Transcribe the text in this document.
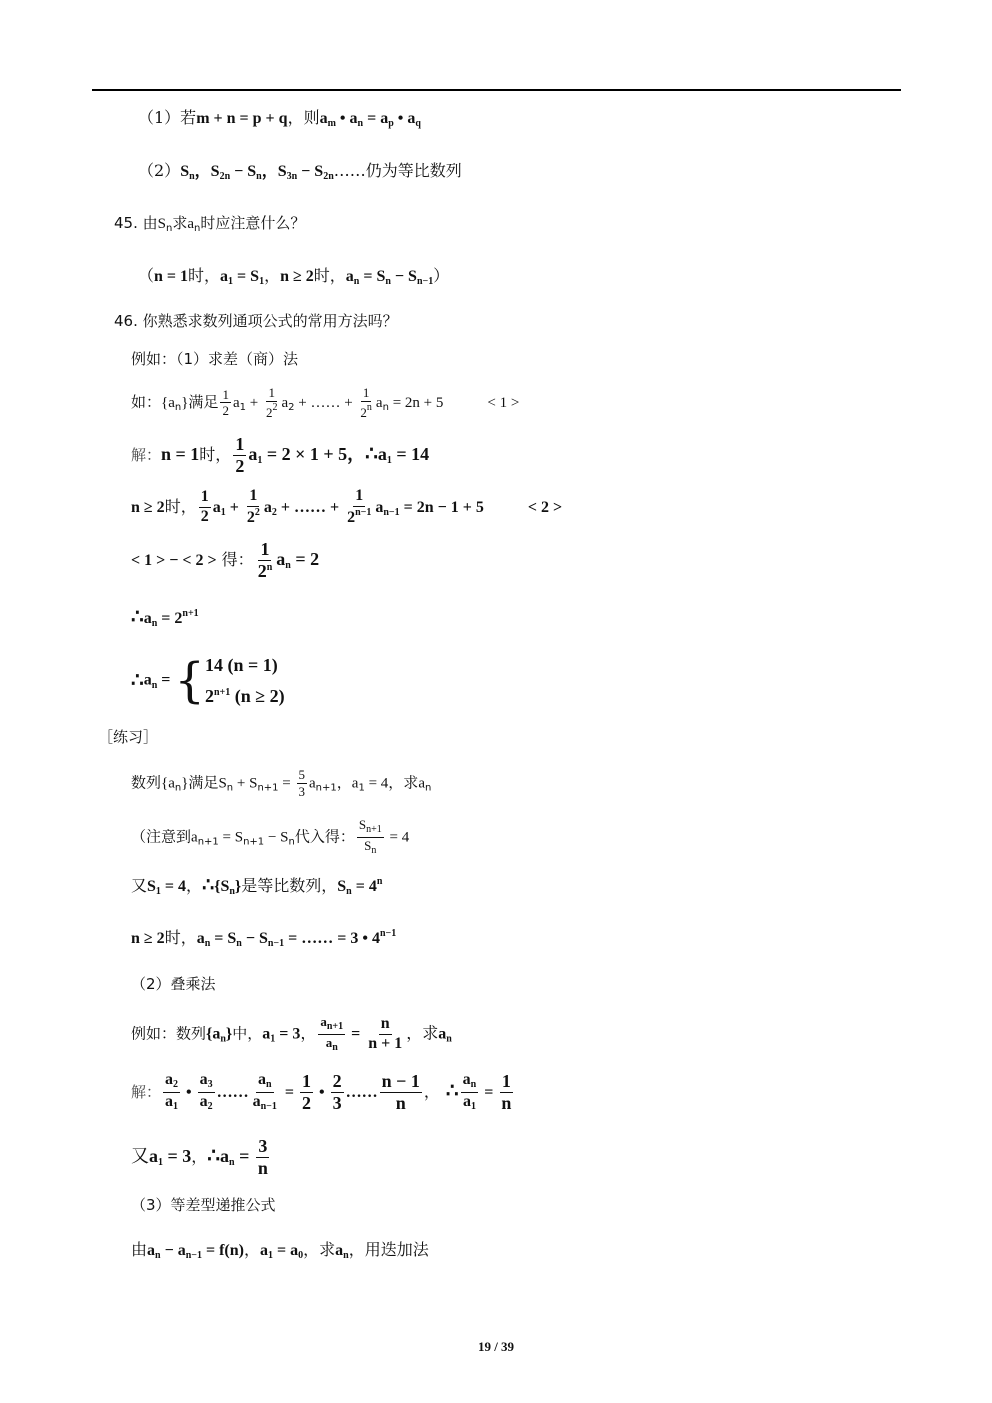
（1）若m + n = p + q，则$a_m$ • $a_n = a_p$ • $a_q$
$(2)S_n$，$S_{2n} - S_n$，$S_{3n}$ − $S_{2n}\dots\dots$仍为等比数列
45. 由$S_n$求$a_n$时应注意什么？
（n = 1时，$a_1 = S_1$，n ≥ 2时，$a_n = S_n - S_{n-1}$）
46. 你熟悉求数列通项公式的常用方法吗？
例如：（1）求差（商）法
如：$\{a_n\}$满足 $\frac{1}{2} a_1 + \frac{1}{2^2} a_2$ + …… + $\frac{1}{2^n} a_n = 2n + 5$	< 1 >
解：n = 1时， $\frac{1}{2} a_1 = 2 \times 1 + 5$，$\therefore a_1 = 14$
n ≥ 2时， $\frac{1}{2} a_1 + \frac{1}{2^2} a_2$ + …… + $\frac{1}{2^{n-1}} a_{n-1} = 2n - 1 + 5$	< 2 >
< 1 > − < 2 > 得： $\frac{1}{2^n} a_n = 2$
$\therefore a_n = 2^{n+1}$
$\therefore a_n$ = { 14 (n = 1)
$2^{n+1}$ (n ≥ 2)
［练习］
数列$\{a_n\}$满足$S_n + S_{n+1} = \frac{5}{3} a_{n+1}$，$a_1 = 4$，求$a_n$
（注意到$a_{n+1} = S_{n+1} - S_n$代入得： $\frac{S_{n+1}}{S_n} = 4$
又$S_1 = 4$，$\therefore\{S_n\}$是等比数列，$S_n = 4^n$
n ≥ 2时，$a_n = S_n - S_{n-1}$ = …… = 3 • $4^{n-1}$
（2）叠乘法
例如：数列$\{a_n\}$中，$a_1 = 3$， $\frac{a_{n+1}}{a_n} = \frac{n}{n + 1}$ ，求$a_n$
解： $\frac{a_2}{a_1}$ • $\frac{a_3}{a_2}$ …… $\frac{a_n}{a_{n-1}} = \frac{1}{2}$ • $\frac{2}{3}$ …… $\frac{n - 1}{n}$ ， ∴ $\frac{a_n}{a_1} = \frac{1}{n}$
又$a_1 = 3$，$\therefore a_n = \frac{3}{n}$
（3）等差型递推公式
由$a_n - a_{n-1} = f(n)$，$a_1 = a_0$，求$a_n$，用迭加法
19 / 39
